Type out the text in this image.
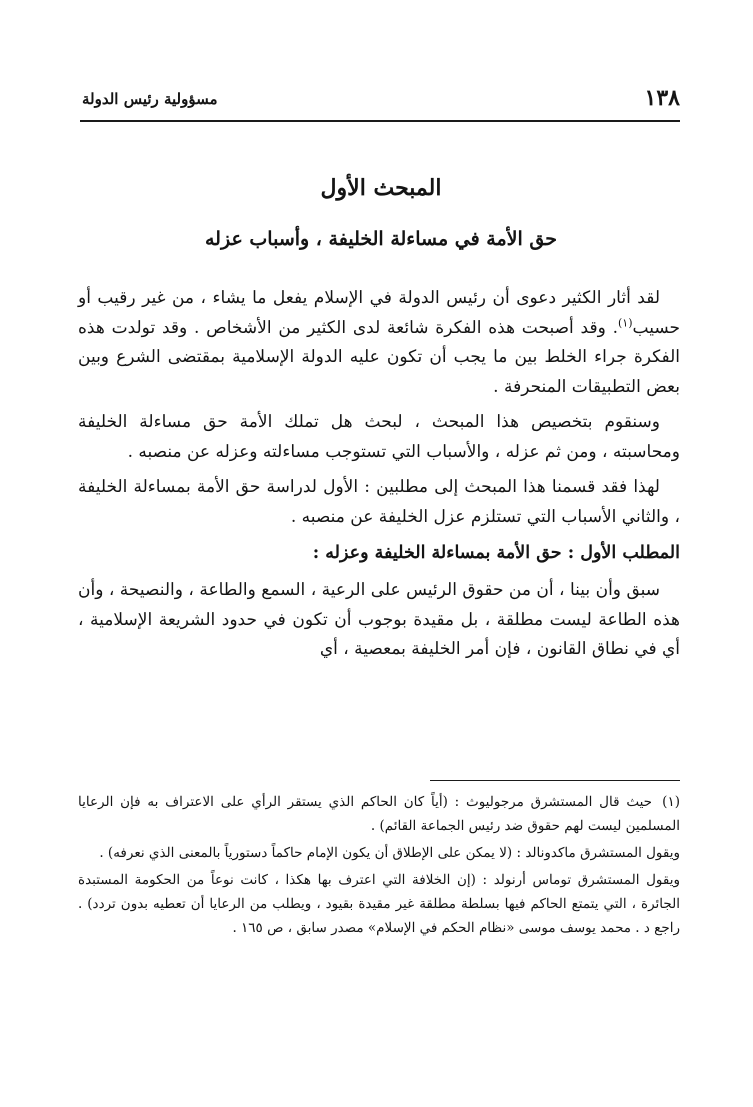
١٣٨
مسؤولية رئيس الدولة
المبحث الأول
حق الأمة في مساءلة الخليفة ، وأسباب عزله

لقد أثار الكثير دعوى أن رئيس الدولة في الإسلام يفعل ما يشاء ، من غير رقيب أو حسيب$^{(١)}$. وقد أصبحت هذه الفكرة شائعة لدى الكثير من الأشخاص . وقد تولدت هذه الفكرة جراء الخلط بين ما يجب أن تكون عليه الدولة الإسلامية بمقتضى الشرع وبين بعض التطبيقات المنحرفة .

وسنقوم بتخصيص هذا المبحث ، لبحث هل تملك الأمة حق مساءلة الخليفة ومحاسبته ، ومن ثم عزله ، والأسباب التي تستوجب مساءلته وعزله عن منصبه .

لهذا فقد قسمنا هذا المبحث إلى مطلبين : الأول لدراسة حق الأمة بمساءلة الخليفة ، والثاني الأسباب التي تستلزم عزل الخليفة عن منصبه .

المطلب الأول : حق الأمة بمساءلة الخليفة وعزله :

سبق وأن بينا ، أن من حقوق الرئيس على الرعية ، السمع والطاعة ، والنصيحة ، وأن هذه الطاعة ليست مطلقة ، بل مقيدة بوجوب أن تكون في حدود الشريعة الإسلامية ، أي في نطاق القانون ، فإن أمر الخليفة بمعصية ، أي

(١)حيث قال المستشرق مرجوليوث : (أياً كان الحاكم الذي يستقر الرأي على الاعتراف به فإن الرعايا المسلمين ليست لهم حقوق ضد رئيس الجماعة القائم) .

ويقول المستشرق ماكدونالد : (لا يمكن على الإطلاق أن يكون الإمام حاكماً دستورياً بالمعنى الذي نعرفه) .

ويقول المستشرق توماس أرنولد : (إن الخلافة التي اعترف بها هكذا ، كانت نوعاً من الحكومة المستبدة الجائرة ، التي يتمتع الحاكم فيها بسلطة مطلقة غير مقيدة بقيود ، ويطلب من الرعايا أن تعطيه بدون تردد) . راجع د . محمد يوسف موسى «نظام الحكم في الإسلام» مصدر سابق ، ص ١٦٥ .
